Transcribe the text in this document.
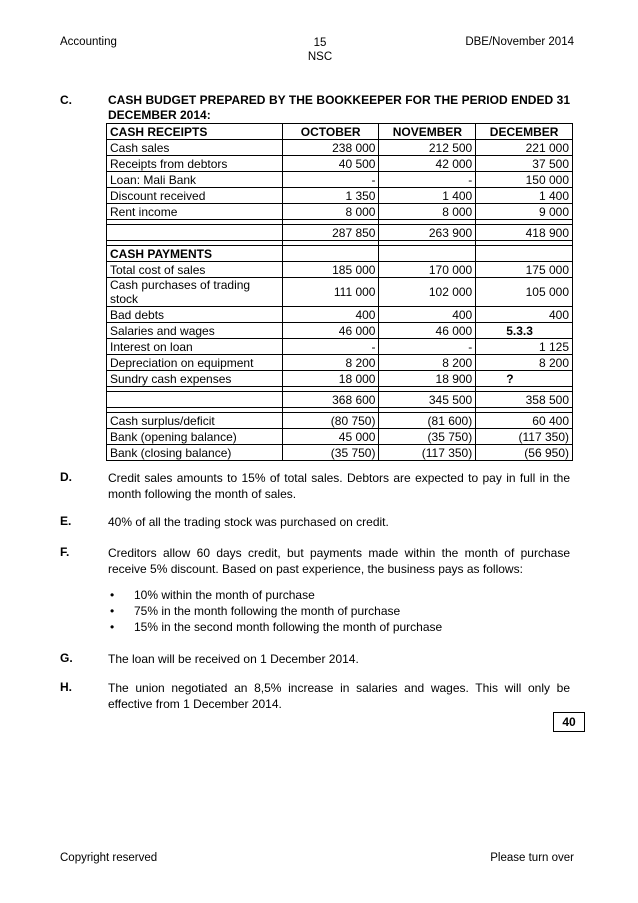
Accounting	15
NSC
DBE/November 2014
C.	CASH BUDGET PREPARED BY THE BOOKKEEPER FOR THE PERIOD ENDED 31 DECEMBER 2014:
CASH RECEIPTS	OCTOBER	NOVEMBER	DECEMBER
Cash sales	238 000	212 500	221 000
Receipts from debtors	40 500	42 000	37 500
Loan: Mali Bank	-	-	150 000
Discount received	1 350	1 400	1 400
Rent income	8 000	8 000	9 000

	287 850	263 900	418 900

CASH PAYMENTS			
Total cost of sales	185 000	170 000	175 000
Cash purchases of trading stock	111 000	102 000	105 000
Bad debts	400	400	400
Salaries and wages	46 000	46 000	5.3.3
Interest on loan	-	-	1 125
Depreciation on equipment	8 200	8 200	8 200
Sundry cash expenses	18 000	18 900	?

	368 600	345 500	358 500

Cash surplus/deficit	(80 750)	(81 600)	60 400
Bank (opening balance)	45 000	(35 750)	(117 350)
Bank (closing balance)	(35 750)	(117 350)	(56 950)
D.	Credit sales amounts to 15% of total sales. Debtors are expected to pay in full in the month following the month of sales.
E.	40% of all the trading stock was purchased on credit.
F.	Creditors allow 60 days credit, but payments made within the month of purchase receive 5% discount. Based on past experience, the business pays as follows:
• 10% within the month of purchase
• 75% in the month following the month of purchase
• 15% in the second month following the month of purchase
G.	The loan will be received on 1 December 2014.
H.	The union negotiated an 8,5% increase in salaries and wages. This will only be effective from 1 December 2014.
40
Copyright reserved	Please turn over
